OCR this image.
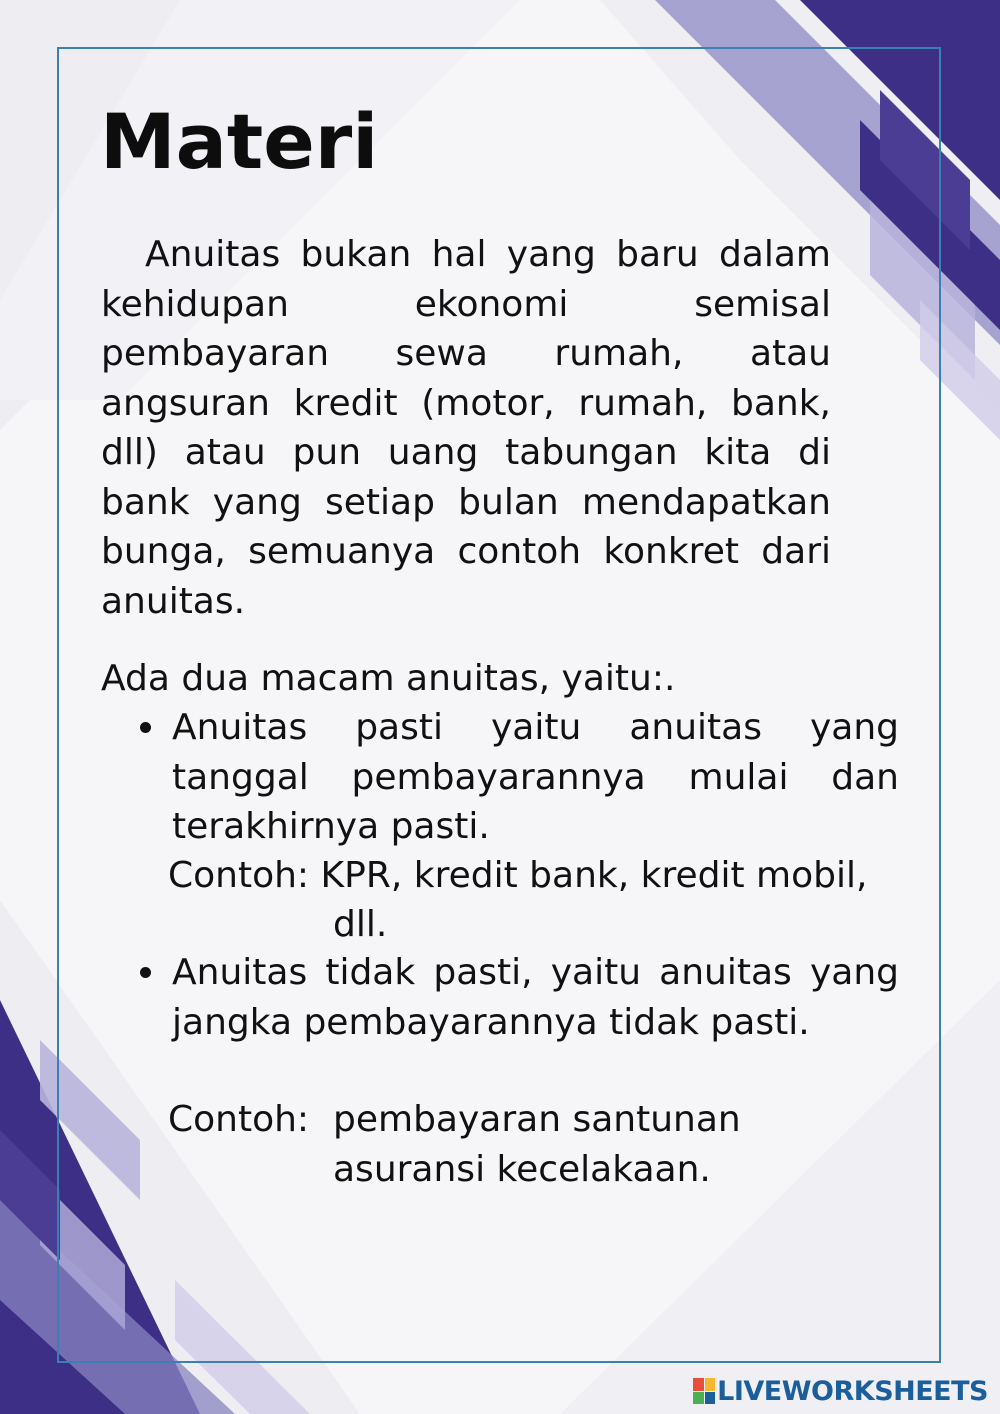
Materi

Anuitas bukan hal yang baru dalam kehidupan ekonomi semisal pembayaran sewa rumah, atau angsuran kredit (motor, rumah, bank, dll) atau pun uang tabungan kita di bank yang setiap bulan mendapatkan bunga, semuanya contoh konkret dari anuitas.

Ada dua macam anuitas, yaitu:.

Anuitas pasti yaitu anuitas yang tanggal pembayarannya mulai dan terakhirnya pasti.

Contoh: KPR, kredit bank, kredit mobil,

dll.

Anuitas tidak pasti, yaitu anuitas yang jangka pembayarannya tidak pasti.

Contoh: pembayaran santunan

asuransi kecelakaan.

LIVEWORKSHEETS
